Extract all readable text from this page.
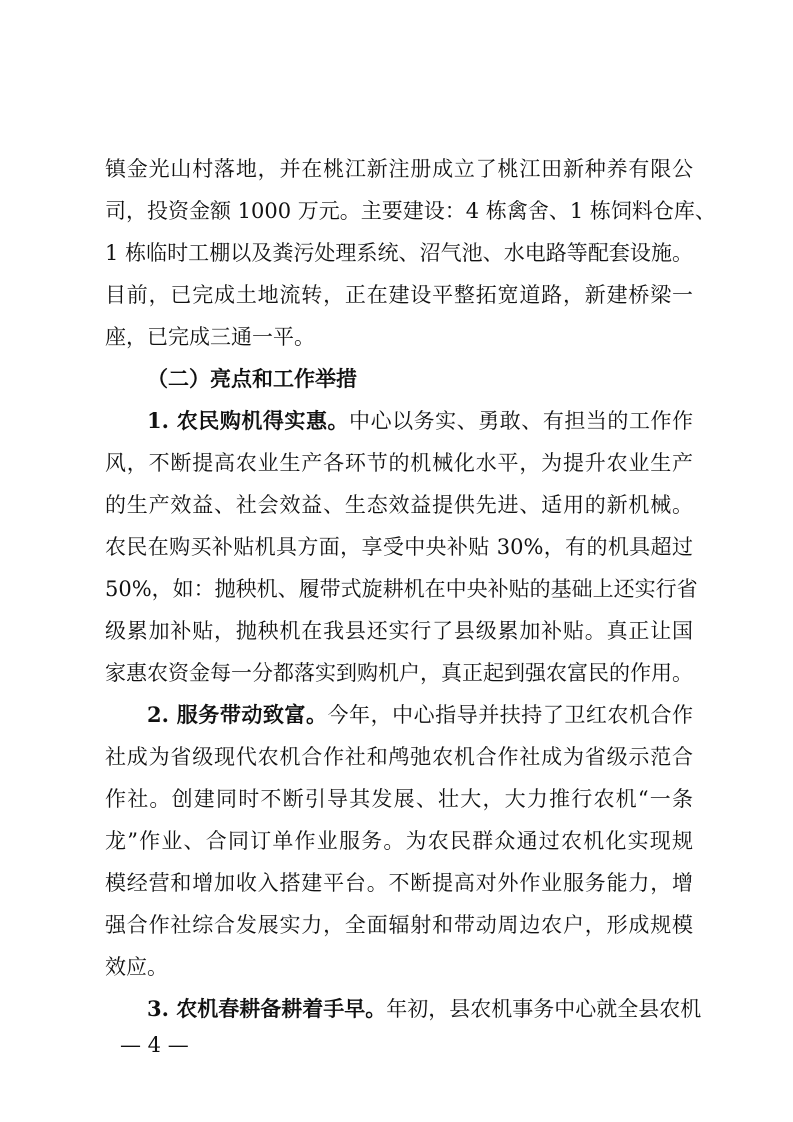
镇金光山村落地，并在桃江新注册成立了桃江田新种养有限公
司，投资金额 1000 万元。主要建设：4 栋禽舍、1 栋饲料仓库、
1 栋临时工棚以及粪污处理系统、沼气池、水电路等配套设施。
目前，已完成土地流转，正在建设平整拓宽道路，新建桥梁一
座，已完成三通一平。
（二）亮点和工作举措
1. 农民购机得实惠。中心以务实、勇敢、有担当的工作作
风，不断提高农业生产各环节的机械化水平，为提升农业生产
的生产效益、社会效益、生态效益提供先进、适用的新机械。
农民在购买补贴机具方面，享受中央补贴 30%，有的机具超过
50%，如：抛秧机、履带式旋耕机在中央补贴的基础上还实行省
级累加补贴，抛秧机在我县还实行了县级累加补贴。真正让国
家惠农资金每一分都落实到购机户，真正起到强农富民的作用。
2. 服务带动致富。今年，中心指导并扶持了卫红农机合作
社成为省级现代农机合作社和鸬弛农机合作社成为省级示范合
作社。创建同时不断引导其发展、壮大，大力推行农机“一条
龙”作业、合同订单作业服务。为农民群众通过农机化实现规
模经营和增加收入搭建平台。不断提高对外作业服务能力，增
强合作社综合发展实力，全面辐射和带动周边农户，形成规模
效应。
3. 农机春耕备耕着手早。年初，县农机事务中心就全县农机
— 4 —
